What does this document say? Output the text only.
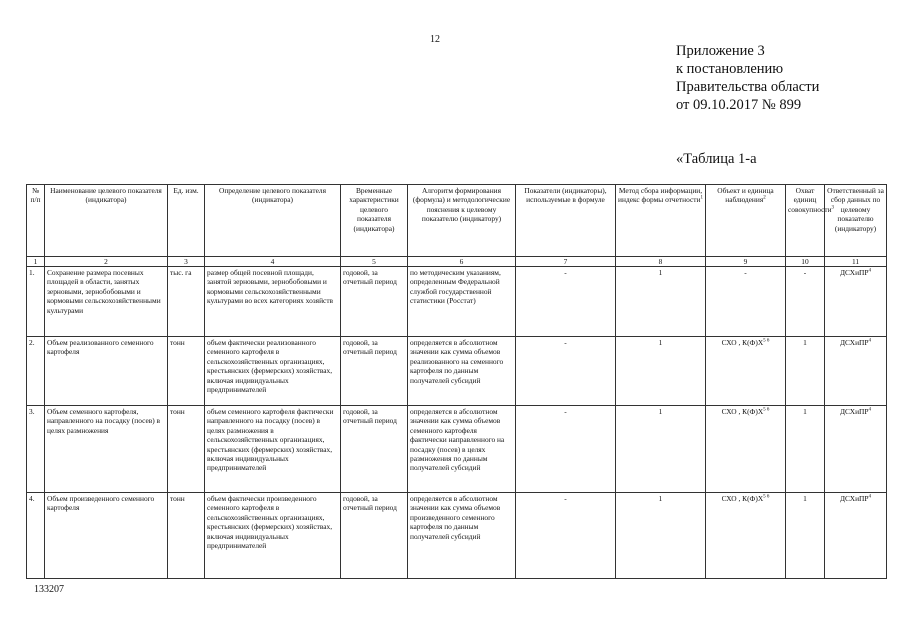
12
Приложение 3
к постановлению
Правительства области
от 09.10.2017 № 899
«Таблица 1-а
№ п/п	Наименование целевого показателя (индикатора)	Ед. изм.	Определение целевого показателя (индикатора)	Временные характеристики целевого показателя (индикатора)	Алгоритм формирования (формула) и методологические пояснения к целевому показателю (индикатору)	Показатели (индикаторы), используемые в формуле	Метод сбора информации, индекс формы отчетности$^1$	Объект и единица наблюдения$^2$	Охват единиц совокупности$^3$	Ответственный за сбор данных по целевому показателю (индикатору)
1	2	3	4	5	6	7	8	9	10	11
1.	Сохранение размера посевных площадей в области, занятых зерновыми, зернобобовыми и кормовыми сельскохозяйственными культурами	тыс. га	размер общей посевной площади, занятой зерновыми, зернобобовыми и кормовыми сельскохозяйственными культурами во всех категориях хозяйств	годовой, за отчетный период	по методическим указаниям, определенным Федеральной службой государственной статистики (Росстат)	-	1	-	-	ДСХиПР$^4$
2.	Объем реализованного семенного картофеля	тонн	объем фактически реализованного семенного картофеля в сельскохозяйственных организациях, крестьянских (фермерских) хозяйствах, включая индивидуальных предпринимателей	годовой, за отчетный период	определяется в абсолютном значении как сумма объемов реализованного на семенного картофеля по данным получателей субсидий	-	1	СХО , $К(Ф)Х^{5 6}$	1	ДСХиПР$^4$
3.	Объем семенного картофеля, направленного на посадку (посев) в целях размножения	тонн	объем семенного картофеля фактически направленного на посадку (посев) в целях размножения в сельскохозяйственных организациях, крестьянских (фермерских) хозяйствах, включая индивидуальных предпринимателей	годовой, за отчетный период	определяется в абсолютном значении как сумма объемов семенного картофеля фактически направленного на посадку (посев) в целях размножения по данным получателей субсидий	-	1	СХО , $К(Ф)Х^{5 6}$	1	ДСХиПР$^4$
4.	Объем произведенного семенного картофеля	тонн	объем фактически произведенного семенного картофеля в сельскохозяйственных организациях, крестьянских (фермерских) хозяйствах, включая индивидуальных предпринимателей	годовой, за отчетный период	определяется в абсолютном значении как сумма объемов произведенного семенного картофеля по данным получателей субсидий	-	1	СХО , $К(Ф)Х^{5 6}$	1	ДСХиПР$^4$
133207
